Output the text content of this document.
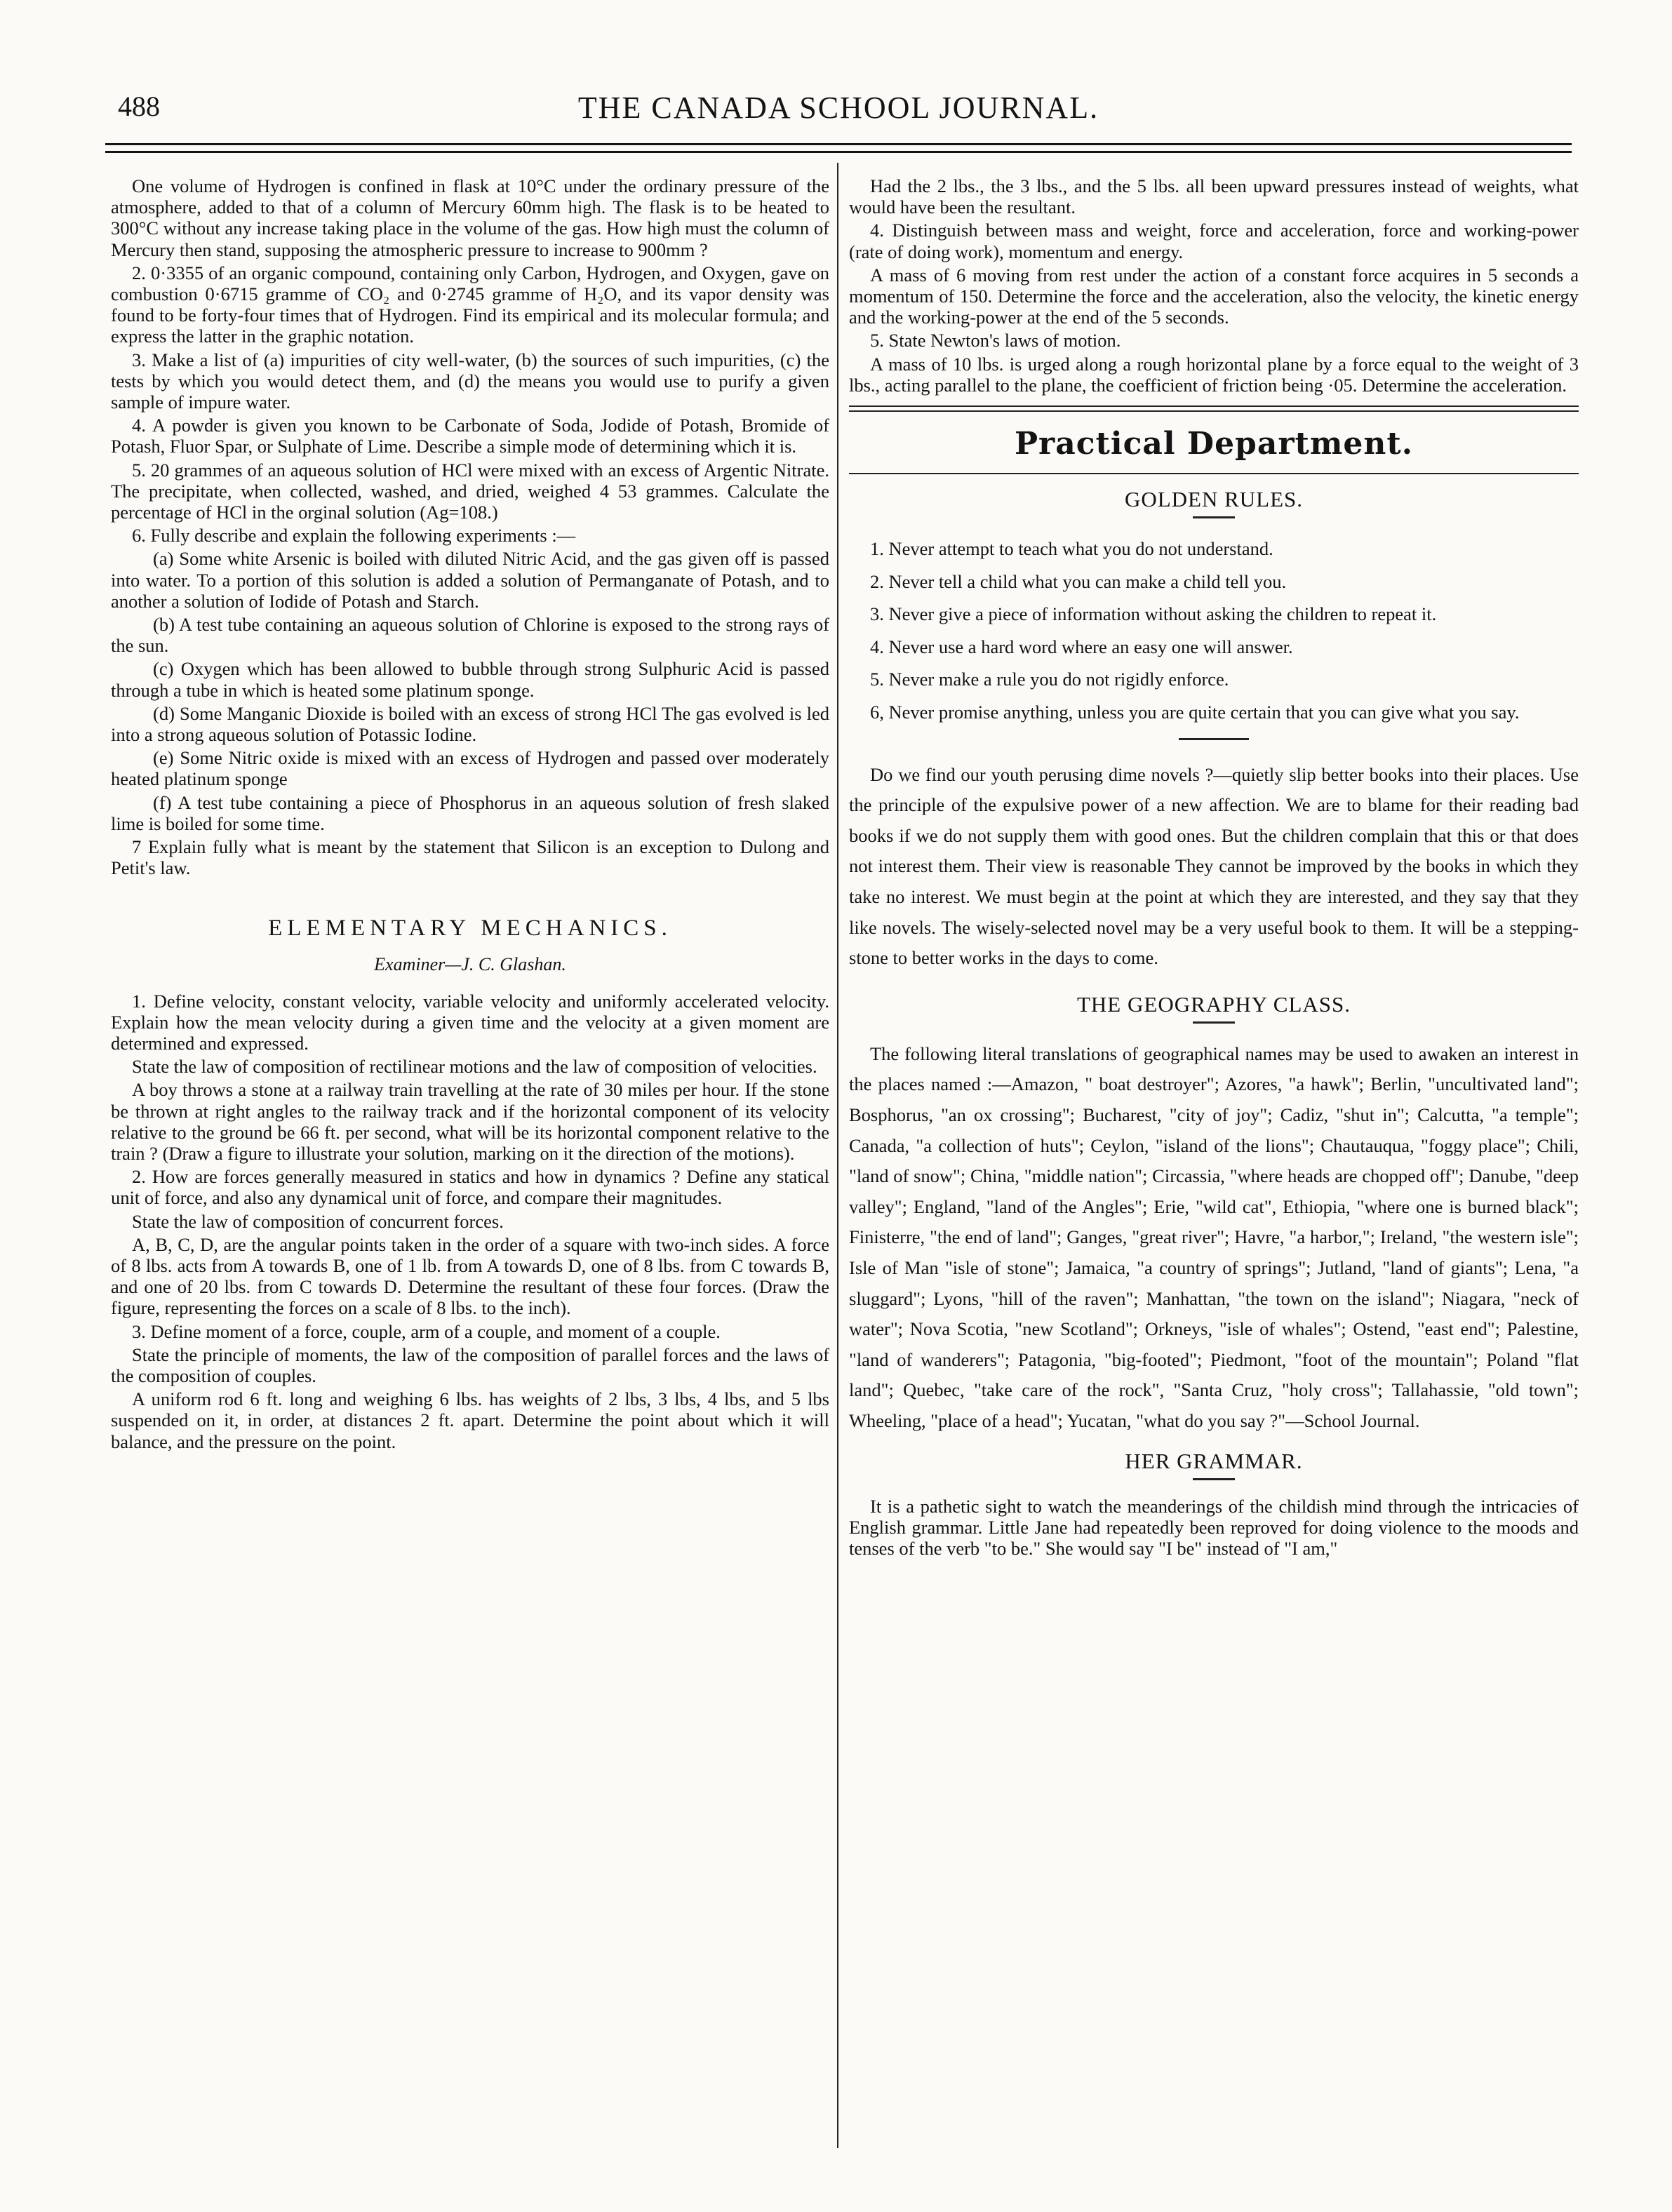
488	THE CANADA SCHOOL JOURNAL.

One volume of Hydrogen is confined in flask at 10°C under the ordinary pressure of the atmosphere, added to that of a column of Mercury 60mm high. The flask is to be heated to 300°C without any increase taking place in the volume of the gas. How high must the column of Mercury then stand, supposing the atmospheric pressure to increase to 900mm ?

2. 0·3355 of an organic compound, containing only Carbon, Hydrogen, and Oxygen, gave on combustion 0·6715 gramme of CO₂ and 0·2745 gramme of H₂O, and its vapor density was found to be forty-four times that of Hydrogen. Find its empirical and its molecular formula; and express the latter in the graphic notation.

3. Make a list of (a) impurities of city well-water, (b) the sources of such impurities, (c) the tests by which you would detect them, and (d) the means you would use to purify a given sample of impure water.

4. A powder is given you known to be Carbonate of Soda, Jodide of Potash, Bromide of Potash, Fluor Spar, or Sulphate of Lime. Describe a simple mode of determining which it is.

5. 20 grammes of an aqueous solution of HCl were mixed with an excess of Argentic Nitrate. The precipitate, when collected, washed, and dried, weighed 4 53 grammes. Calculate the percentage of HCl in the orginal solution (Ag=108.)

6. Fully describe and explain the following experiments :—

(a) Some white Arsenic is boiled with diluted Nitric Acid, and the gas given off is passed into water. To a portion of this solution is added a solution of Permanganate of Potash, and to another a solution of Iodide of Potash and Starch.

(b) A test tube containing an aqueous solution of Chlorine is exposed to the strong rays of the sun.

(c) Oxygen which has been allowed to bubble through strong Sulphuric Acid is passed through a tube in which is heated some platinum sponge.

(d) Some Manganic Dioxide is boiled with an excess of strong HCl The gas evolved is led into a strong aqueous solution of Potassic Iodine.

(e) Some Nitric oxide is mixed with an excess of Hydrogen and passed over moderately heated platinum sponge

(f) A test tube containing a piece of Phosphorus in an aqueous solution of fresh slaked lime is boiled for some time.

7 Explain fully what is meant by the statement that Silicon is an exception to Dulong and Petit's law.

ELEMENTARY MECHANICS.
Examiner—J. C. Glashan.

1. Define velocity, constant velocity, variable velocity and uniformly accelerated velocity. Explain how the mean velocity during a given time and the velocity at a given moment are determined and expressed.

State the law of composition of rectilinear motions and the law of composition of velocities.

A boy throws a stone at a railway train travelling at the rate of 30 miles per hour. If the stone be thrown at right angles to the railway track and if the horizontal component of its velocity relative to the ground be 66 ft. per second, what will be its horizontal component relative to the train ? (Draw a figure to illustrate your solution, marking on it the direction of the motions).

2. How are forces generally measured in statics and how in dynamics ? Define any statical unit of force, and also any dynamical unit of force, and compare their magnitudes.

State the law of composition of concurrent forces.

A, B, C, D, are the angular points taken in the order of a square with two-inch sides. A force of 8 lbs. acts from A towards B, one of 1 lb. from A towards D, one of 8 lbs. from C towards B, and one of 20 lbs. from C towards D. Determine the resultant of these four forces. (Draw the figure, representing the forces on a scale of 8 lbs. to the inch).

3. Define moment of a force, couple, arm of a couple, and moment of a couple.

State the principle of moments, the law of the composition of parallel forces and the laws of the composition of couples.

A uniform rod 6 ft. long and weighing 6 lbs. has weights of 2 lbs, 3 lbs, 4 lbs, and 5 lbs suspended on it, in order, at distances 2 ft. apart. Determine the point about which it will balance, and the pressure on the point.

Had the 2 lbs., the 3 lbs., and the 5 lbs. all been upward pressures instead of weights, what would have been the resultant.

4. Distinguish between mass and weight, force and acceleration, force and working-power (rate of doing work), momentum and energy.

A mass of 6 moving from rest under the action of a constant force acquires in 5 seconds a momentum of 150. Determine the force and the acceleration, also the velocity, the kinetic energy and the working-power at the end of the 5 seconds.

5. State Newton's laws of motion.

A mass of 10 lbs. is urged along a rough horizontal plane by a force equal to the weight of 3 lbs., acting parallel to the plane, the coefficient of friction being ·05. Determine the acceleration.

Practical Department.
GOLDEN RULES.

1. Never attempt to teach what you do not understand.

2. Never tell a child what you can make a child tell you.

3. Never give a piece of information without asking the children to repeat it.

4. Never use a hard word where an easy one will answer.

5. Never make a rule you do not rigidly enforce.

6, Never promise anything, unless you are quite certain that you can give what you say.

Do we find our youth perusing dime novels ?—quietly slip better books into their places. Use the principle of the expulsive power of a new affection. We are to blame for their reading bad books if we do not supply them with good ones. But the children complain that this or that does not interest them. Their view is reasonable They cannot be improved by the books in which they take no interest. We must begin at the point at which they are interested, and they say that they like novels. The wisely-selected novel may be a very useful book to them. It will be a stepping-stone to better works in the days to come.

THE GEOGRAPHY CLASS.

The following literal translations of geographical names may be used to awaken an interest in the places named :—Amazon, " boat destroyer"; Azores, "a hawk"; Berlin, "uncultivated land"; Bosphorus, "an ox crossing"; Bucharest, "city of joy"; Cadiz, "shut in"; Calcutta, "a temple"; Canada, "a collection of huts"; Ceylon, "island of the lions"; Chautauqua, "foggy place"; Chili, "land of snow"; China, "middle nation"; Circassia, "where heads are chopped off"; Danube, "deep valley"; England, "land of the Angles"; Erie, "wild cat", Ethiopia, "where one is burned black"; Finisterre, "the end of land"; Ganges, "great river"; Havre, "a harbor,"; Ireland, "the western isle"; Isle of Man "isle of stone"; Jamaica, "a country of springs"; Jutland, "land of giants"; Lena, "a sluggard"; Lyons, "hill of the raven"; Manhattan, "the town on the island"; Niagara, "neck of water"; Nova Scotia, "new Scotland"; Orkneys, "isle of whales"; Ostend, "east end"; Palestine, "land of wanderers"; Patagonia, "big-footed"; Piedmont, "foot of the mountain"; Poland "flat land"; Quebec, "take care of the rock", "Santa Cruz, "holy cross"; Tallahassie, "old town"; Wheeling, "place of a head"; Yucatan, "what do you say ?"—School Journal.

HER GRAMMAR.

It is a pathetic sight to watch the meanderings of the childish mind through the intricacies of English grammar. Little Jane had repeatedly been reproved for doing violence to the moods and tenses of the verb "to be." She would say "I be" instead of "I am,"
